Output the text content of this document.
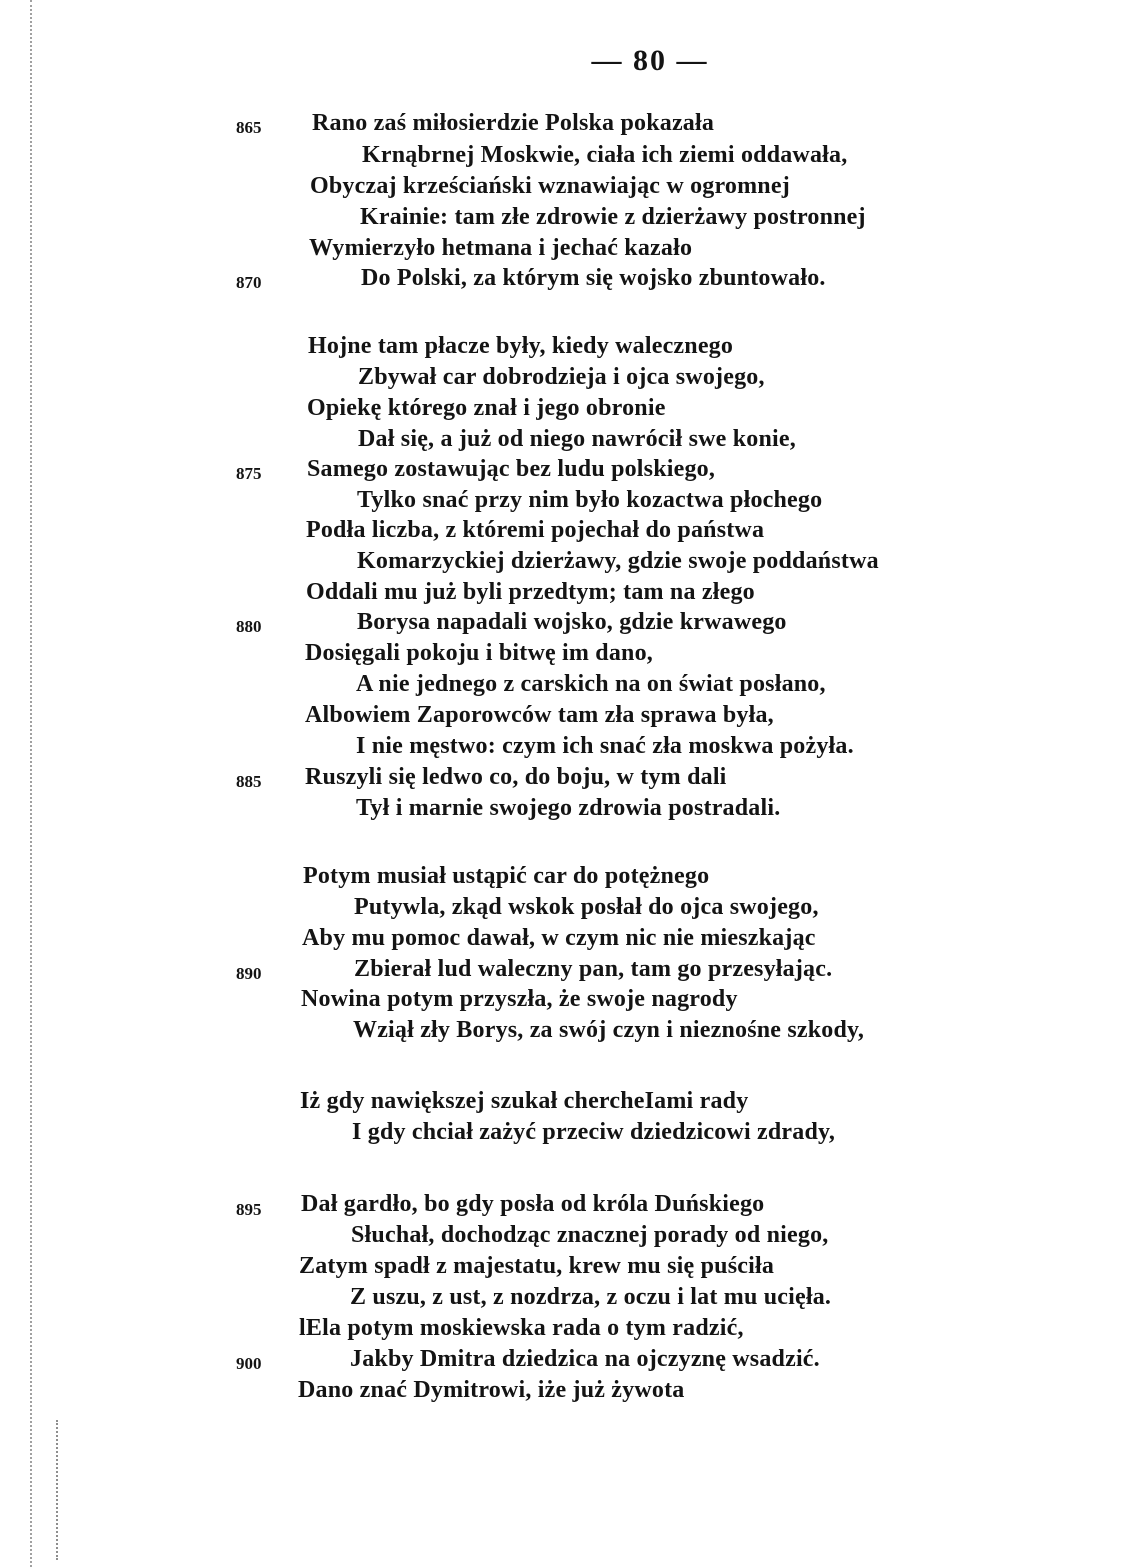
— 80 —
865	Rano zaś miłosierdzie Polska pokazała
Krnąbrnej Moskwie, ciała ich ziemi oddawała,
Obyczaj krześciański wznawiając w ogromnej
Krainie: tam złe zdrowie z dzierżawy postronnej
Wymierzyło hetmana i jechać kazało
870	Do Polski, za którym się wojsko zbuntowało.
Hojne tam płacze były, kiedy walecznego
Zbywał car dobrodzieja i ojca swojego,
Opiekę którego znał i jego obronie
Dał się, a już od niego nawrócił swe konie,
875	Samego zostawując bez ludu polskiego,
Tylko snać przy nim było kozactwa płochego
Podła liczba, z któremi pojechał do państwa
Komarzyckiej dzierżawy, gdzie swoje poddaństwa
Oddali mu już byli przedtym; tam na złego
880	Borysa napadali wojsko, gdzie krwawego
Dosięgali pokoju i bitwę im dano,
A nie jednego z carskich na on świat posłano,
Albowiem Zaporowców tam zła sprawa była,
I nie męstwo: czym ich snać zła moskwa pożyła.
885	Ruszyli się ledwo co, do boju, w tym dali
Tył i marnie swojego zdrowia postradali.
Potym musiał ustąpić car do potężnego
Putywla, zkąd wskok posłał do ojca swojego,
Aby mu pomoc dawał, w czym nic nie mieszkając
890	Zbierał lud waleczny pan, tam go przesyłając.
Nowina potym przyszła, że swoje nagrody
Wziął zły Borys, za swój czyn i nieznośne szkody,
Iż gdy nawiększej szukał chercheIami rady
I gdy chciał zażyć przeciw dziedzicowi zdrady,
895	Dał gardło, bo gdy posła od króla Duńskiego
Słuchał, dochodząc znacznej porady od niego,
Zatym spadł z majestatu, krew mu się puściła
Z uszu, z ust, z nozdrza, z oczu i lat mu ucięła.
lEla potym moskiewska rada o tym radzić,
900	Jakby Dmitra dziedzica na ojczyznę wsadzić.
Dano znać Dymitrowi, iże już żywota
